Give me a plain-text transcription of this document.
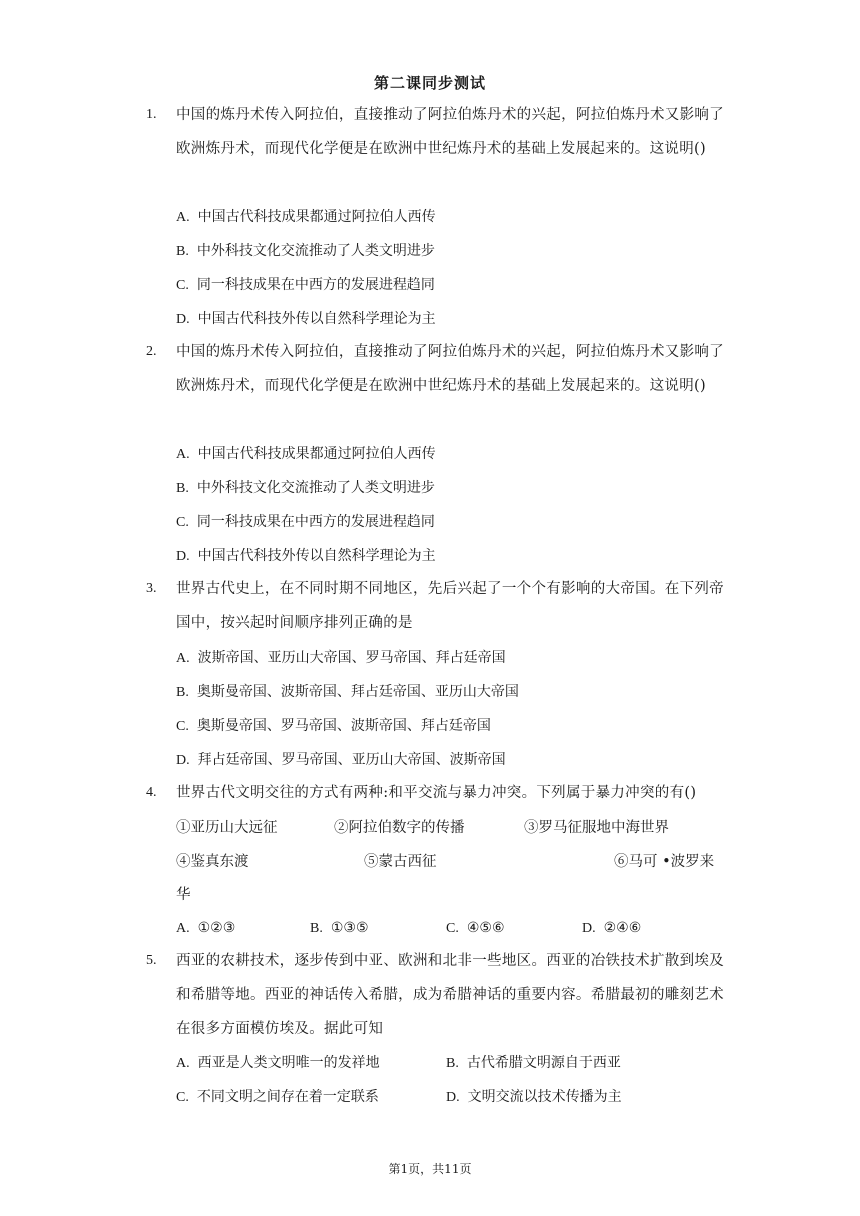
第二课同步测试
1. 中国的炼丹术传入阿拉伯，直接推动了阿拉伯炼丹术的兴起，阿拉伯炼丹术又影响了欧洲炼丹术，而现代化学便是在欧洲中世纪炼丹术的基础上发展起来的。这说明()
A. 中国古代科技成果都通过阿拉伯人西传
B. 中外科技文化交流推动了人类文明进步
C. 同一科技成果在中西方的发展进程趋同
D. 中国古代科技外传以自然科学理论为主
2. 中国的炼丹术传入阿拉伯，直接推动了阿拉伯炼丹术的兴起，阿拉伯炼丹术又影响了欧洲炼丹术，而现代化学便是在欧洲中世纪炼丹术的基础上发展起来的。这说明()
A. 中国古代科技成果都通过阿拉伯人西传
B. 中外科技文化交流推动了人类文明进步
C. 同一科技成果在中西方的发展进程趋同
D. 中国古代科技外传以自然科学理论为主
3. 世界古代史上，在不同时期不同地区，先后兴起了一个个有影响的大帝国。在下列帝国中，按兴起时间顺序排列正确的是
A. 波斯帝国、亚历山大帝国、罗马帝国、拜占廷帝国
B. 奥斯曼帝国、波斯帝国、拜占廷帝国、亚历山大帝国
C. 奥斯曼帝国、罗马帝国、波斯帝国、拜占廷帝国
D. 拜占廷帝国、罗马帝国、亚历山大帝国、波斯帝国
4. 世界古代文明交往的方式有两种:和平交流与暴力冲突。下列属于暴力冲突的有()
①亚历山大远征	②阿拉伯数字的传播	③罗马征服地中海世界
④鉴真东渡	⑤蒙古西征	⑥马可 •波罗来
华
A. ①②③	B. ①③⑤	C. ④⑤⑥	D. ②④⑥
5. 西亚的农耕技术，逐步传到中亚、欧洲和北非一些地区。西亚的冶铁技术扩散到埃及和希腊等地。西亚的神话传入希腊，成为希腊神话的重要内容。希腊最初的雕刻艺术在很多方面模仿埃及。据此可知
A. 西亚是人类文明唯一的发祥地	B. 古代希腊文明源自于西亚
C. 不同文明之间存在着一定联系	D. 文明交流以技术传播为主
第1页，共11页
